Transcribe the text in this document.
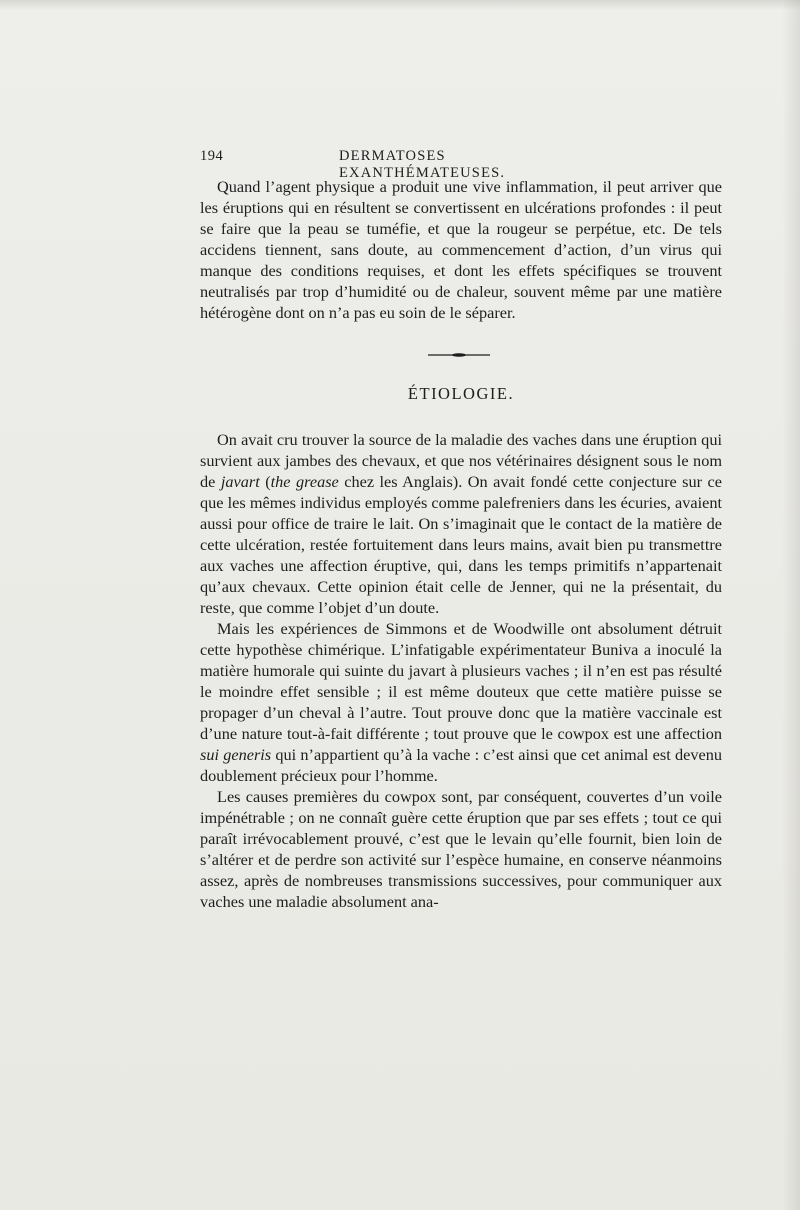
194	DERMATOSES EXANTHÉMATEUSES.

Quand l’agent physique a produit une vive inflammation, il peut arriver que les éruptions qui en résultent se convertissent en ulcérations profondes : il peut se faire que la peau se tuméfie, et que la rougeur se perpétue, etc. De tels accidens tiennent, sans doute, au commencement d’action, d’un virus qui manque des conditions requises, et dont les effets spécifiques se trouvent neutralisés par trop d’humidité ou de chaleur, souvent même par une matière hétérogène dont on n’a pas eu soin de le séparer.

ÉTIOLOGIE.

On avait cru trouver la source de la maladie des vaches dans une éruption qui survient aux jambes des chevaux, et que nos vétérinaires désignent sous le nom de javart (the grease chez les Anglais). On avait fondé cette conjecture sur ce que les mêmes individus employés comme palefreniers dans les écuries, avaient aussi pour office de traire le lait. On s’imaginait que le contact de la matière de cette ulcération, restée fortuitement dans leurs mains, avait bien pu transmettre aux vaches une affection éruptive, qui, dans les temps primitifs n’appartenait qu’aux chevaux. Cette opinion était celle de Jenner, qui ne la présentait, du reste, que comme l’objet d’un doute.

Mais les expériences de Simmons et de Woodwille ont absolument détruit cette hypothèse chimérique. L’infatigable expérimentateur Buniva a inoculé la matière humorale qui suinte du javart à plusieurs vaches ; il n’en est pas résulté le moindre effet sensible ; il est même douteux que cette matière puisse se propager d’un cheval à l’autre. Tout prouve donc que la matière vaccinale est d’une nature tout-à-fait différente ; tout prouve que le cowpox est une affection sui generis qui n’appartient qu’à la vache : c’est ainsi que cet animal est devenu doublement précieux pour l’homme.

Les causes premières du cowpox sont, par conséquent, couvertes d’un voile impénétrable ; on ne connaît guère cette éruption que par ses effets ; tout ce qui paraît irrévocablement prouvé, c’est que le levain qu’elle fournit, bien loin de s’altérer et de perdre son activité sur l’espèce humaine, en conserve néanmoins assez, après de nombreuses transmissions successives, pour communiquer aux vaches une maladie absolument ana-
